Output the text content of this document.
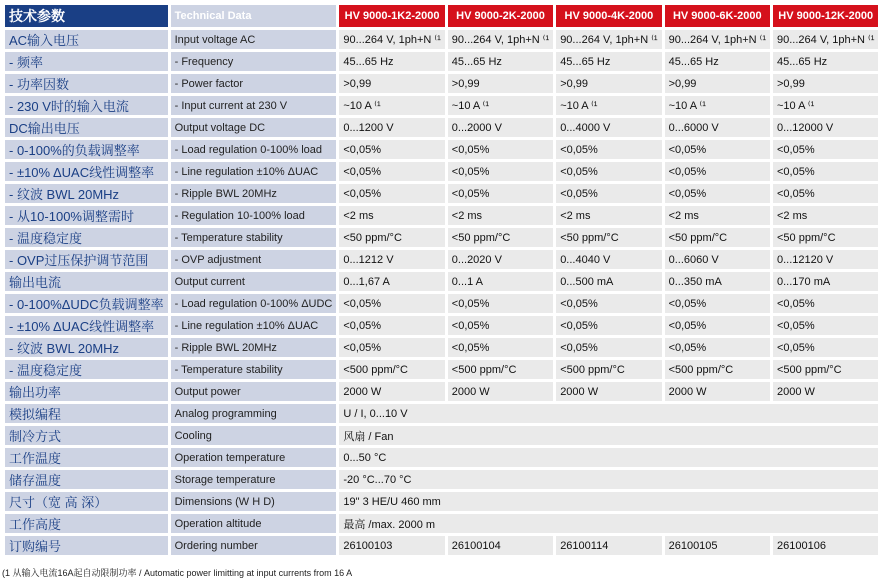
技术参数	Technical Data	HV 9000-1K2-2000	HV 9000-2K-2000	HV 9000-4K-2000	HV 9000-6K-2000	HV 9000-12K-2000
AC输入电压	Input voltage AC	90...264 V, 1ph+N ⁽¹	90...264 V, 1ph+N ⁽¹	90...264 V, 1ph+N ⁽¹	90...264 V, 1ph+N ⁽¹	90...264 V, 1ph+N ⁽¹
- 频率	- Frequency	45...65 Hz	45...65 Hz	45...65 Hz	45...65 Hz	45...65 Hz
- 功率因数	- Power factor	>0,99	>0,99	>0,99	>0,99	>0,99
- 230 V时的输入电流	- Input current at 230 V	~10 A ⁽¹	~10 A ⁽¹	~10 A ⁽¹	~10 A ⁽¹	~10 A ⁽¹
DC输出电压	Output voltage DC	0...1200 V	0...2000 V	0...4000 V	0...6000 V	0...12000 V
- 0-100%的负载调整率	- Load regulation 0-100% load	<0,05%	<0,05%	<0,05%	<0,05%	<0,05%
- ±10% ΔUAC线性调整率	- Line regulation ±10% ΔUAC	<0,05%	<0,05%	<0,05%	<0,05%	<0,05%
- 纹波 BWL 20MHz	- Ripple BWL 20MHz	<0,05%	<0,05%	<0,05%	<0,05%	<0,05%
- 从10-100%调整需时	- Regulation 10-100% load	<2 ms	<2 ms	<2 ms	<2 ms	<2 ms
- 温度稳定度	- Temperature stability	<50 ppm/°C	<50 ppm/°C	<50 ppm/°C	<50 ppm/°C	<50 ppm/°C
- OVP过压保护调节范围	- OVP adjustment	0...1212 V	0...2020 V	0...4040 V	0...6060 V	0...12120 V
输出电流	Output current	0...1,67 A	0...1 A	0...500 mA	0...350 mA	0...170 mA
- 0-100%ΔUDC负载调整率	- Load regulation 0-100% ΔUDC	<0,05%	<0,05%	<0,05%	<0,05%	<0,05%
- ±10% ΔUAC线性调整率	- Line regulation ±10% ΔUAC	<0,05%	<0,05%	<0,05%	<0,05%	<0,05%
- 纹波 BWL 20MHz	- Ripple BWL 20MHz	<0,05%	<0,05%	<0,05%	<0,05%	<0,05%
- 温度稳定度	- Temperature stability	<500 ppm/°C	<500 ppm/°C	<500 ppm/°C	<500 ppm/°C	<500 ppm/°C
输出功率	Output power	2000 W	2000 W	2000 W	2000 W	2000 W
模拟编程	Analog programming	U / I, 0...10 V				
制冷方式	Cooling	风扇 / Fan				
工作温度	Operation temperature	0...50 °C				
储存温度	Storage temperature	-20 °C...70 °C				
尺寸（宽 高 深）	Dimensions (W H D)	19" 3 HE/U 460 mm				
工作高度	Operation altitude	最高 /max. 2000 m				
订购编号	Ordering number	26100103	26100104	26100114	26100105	26100106
(1 从输入电流16A起自动限制功率 / Automatic power limitting at input currents from 16 A
